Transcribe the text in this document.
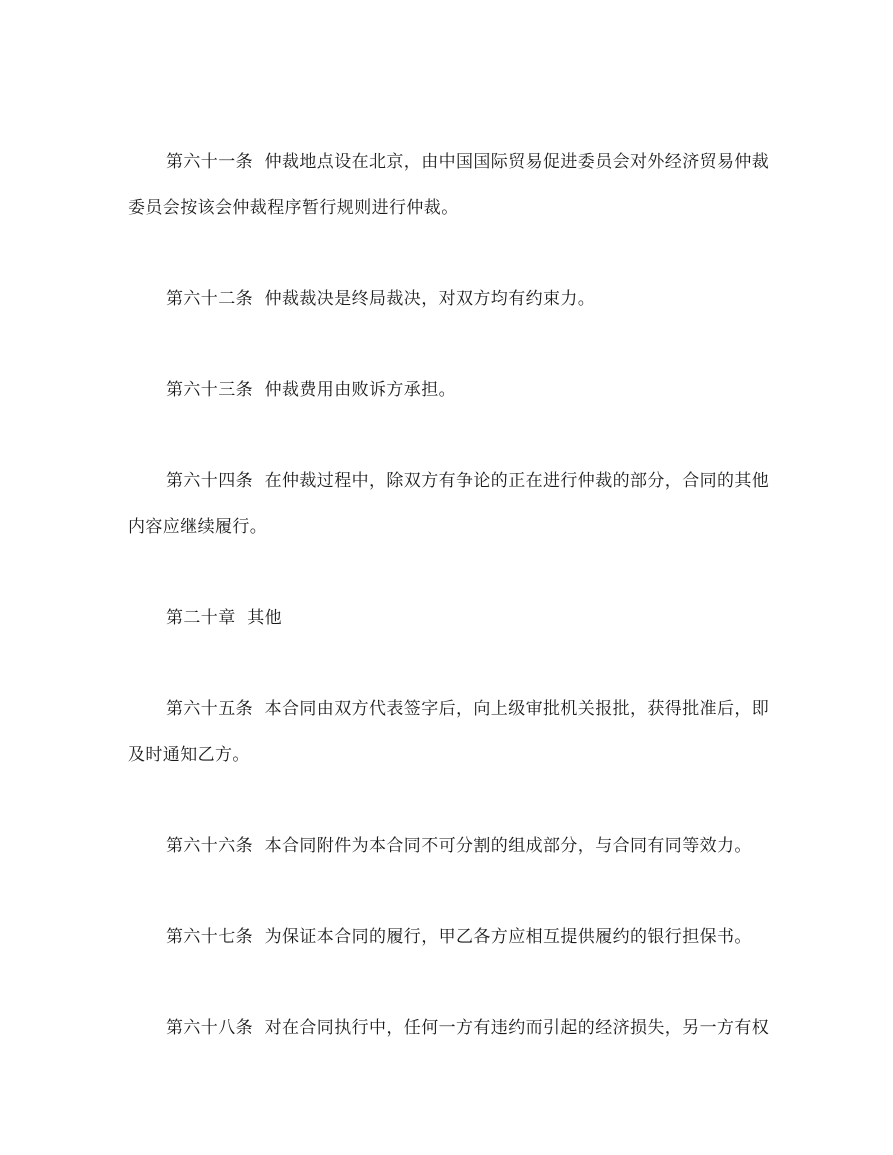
第六十一条 仲裁地点设在北京，由中国国际贸易促进委员会对外经济贸易仲裁委员会按该会仲裁程序暂行规则进行仲裁。

第六十二条 仲裁裁决是终局裁决，对双方均有约束力。

第六十三条 仲裁费用由败诉方承担。

第六十四条 在仲裁过程中，除双方有争论的正在进行仲裁的部分，合同的其他内容应继续履行。

第二十章 其他

第六十五条 本合同由双方代表签字后，向上级审批机关报批，获得批准后，即及时通知乙方。

第六十六条 本合同附件为本合同不可分割的组成部分，与合同有同等效力。

第六十七条 为保证本合同的履行，甲乙各方应相互提供履约的银行担保书。

第六十八条 对在合同执行中，任何一方有违约而引起的经济损失，另一方有权
